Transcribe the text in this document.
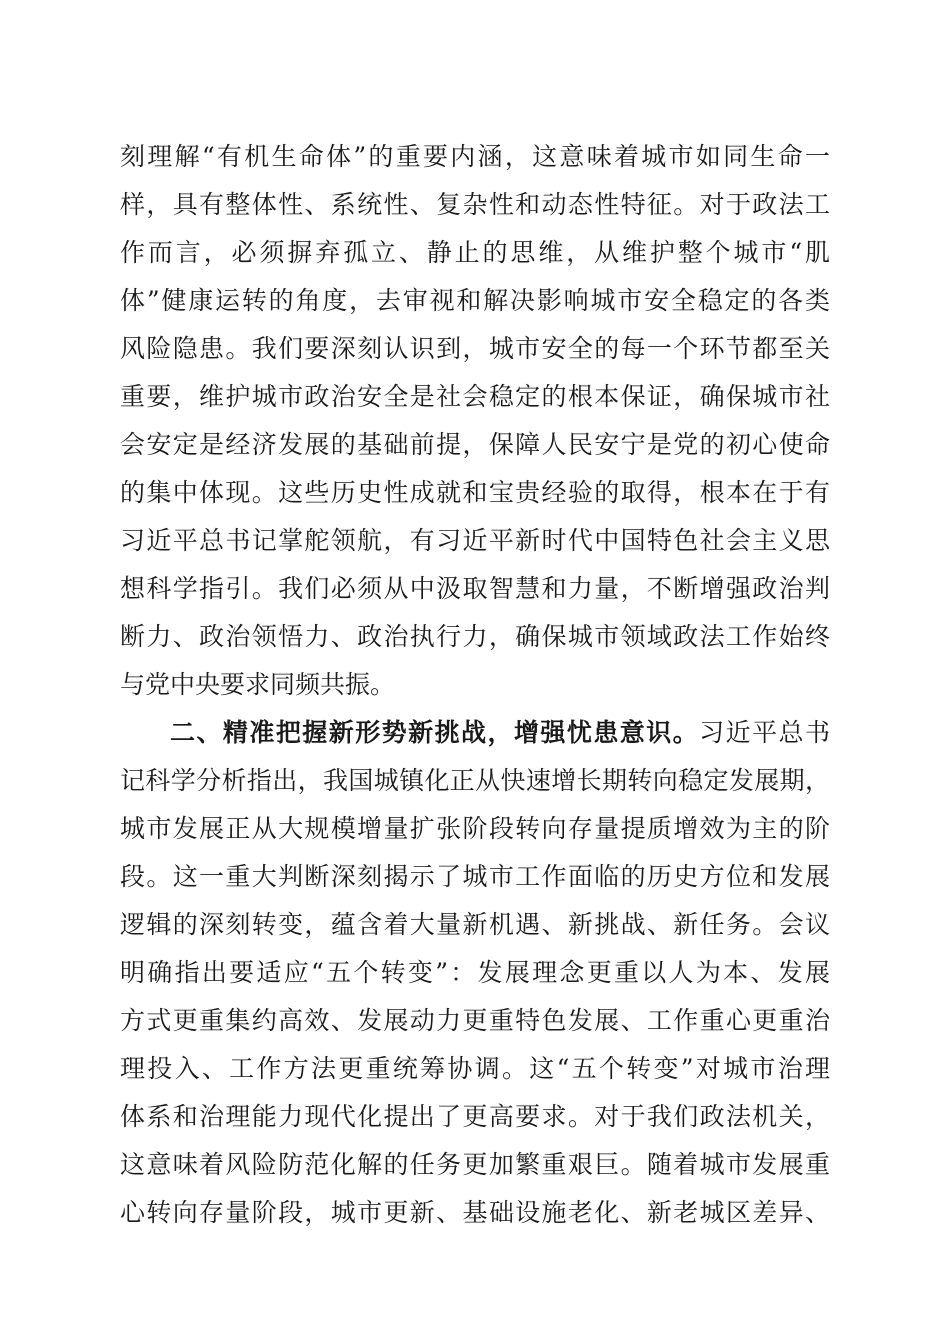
刻理解“有机生命体”的重要内涵，这意味着城市如同生命一
样，具有整体性、系统性、复杂性和动态性特征。对于政法工
作而言，必须摒弃孤立、静止的思维，从维护整个城市“肌
体”健康运转的角度，去审视和解决影响城市安全稳定的各类
风险隐患。我们要深刻认识到，城市安全的每一个环节都至关
重要，维护城市政治安全是社会稳定的根本保证，确保城市社
会安定是经济发展的基础前提，保障人民安宁是党的初心使命
的集中体现。这些历史性成就和宝贵经验的取得，根本在于有
习近平总书记掌舵领航，有习近平新时代中国特色社会主义思
想科学指引。我们必须从中汲取智慧和力量，不断增强政治判
断力、政治领悟力、政治执行力，确保城市领域政法工作始终
与党中央要求同频共振。
二、精准把握新形势新挑战，增强忧患意识。习近平总书
记科学分析指出，我国城镇化正从快速增长期转向稳定发展期，
城市发展正从大规模增量扩张阶段转向存量提质增效为主的阶
段。这一重大判断深刻揭示了城市工作面临的历史方位和发展
逻辑的深刻转变，蕴含着大量新机遇、新挑战、新任务。会议
明确指出要适应“五个转变”：发展理念更重以人为本、发展
方式更重集约高效、发展动力更重特色发展、工作重心更重治
理投入、工作方法更重统筹协调。这“五个转变”对城市治理
体系和治理能力现代化提出了更高要求。对于我们政法机关，
这意味着风险防范化解的任务更加繁重艰巨。随着城市发展重
心转向存量阶段，城市更新、基础设施老化、新老城区差异、
